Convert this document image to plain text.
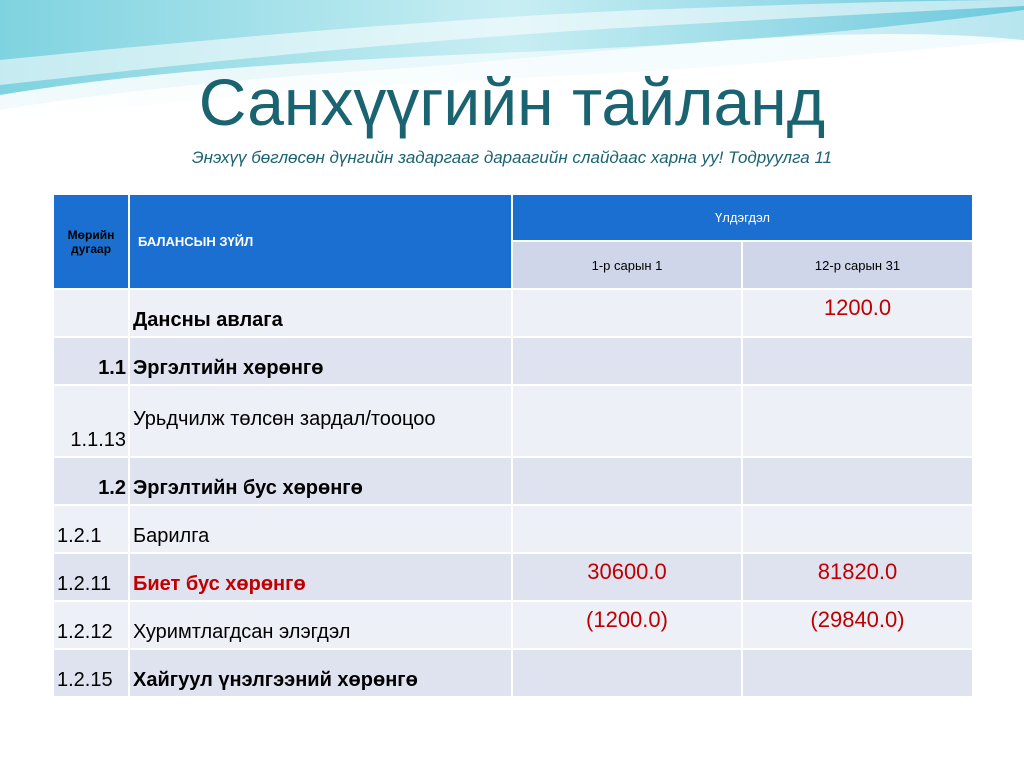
Санхүүгийн тайланд
Энэхүү бөглөсөн дүнгийн задаргааг дараагийн слайдаас харна уу! Тодруулга 11
Мөрийн дугаар	БАЛАНСЫН ЗҮЙЛ	Үлдэгдэл	
		1-р сарын 1	12-р сарын 31
	Дансны авлага		1200.0
1.1	Эргэлтийн хөрөнгө		
1.1.13	Урьдчилж төлсөн зардал/тооцоо		
1.2	Эргэлтийн бус хөрөнгө		
1.2.1	Барилга		
1.2.11	Биет бус хөрөнгө	30600.0	81820.0
1.2.12	Хуримтлагдсан элэгдэл	(1200.0)	(29840.0)
1.2.15	Хайгуул үнэлгээний хөрөнгө		
